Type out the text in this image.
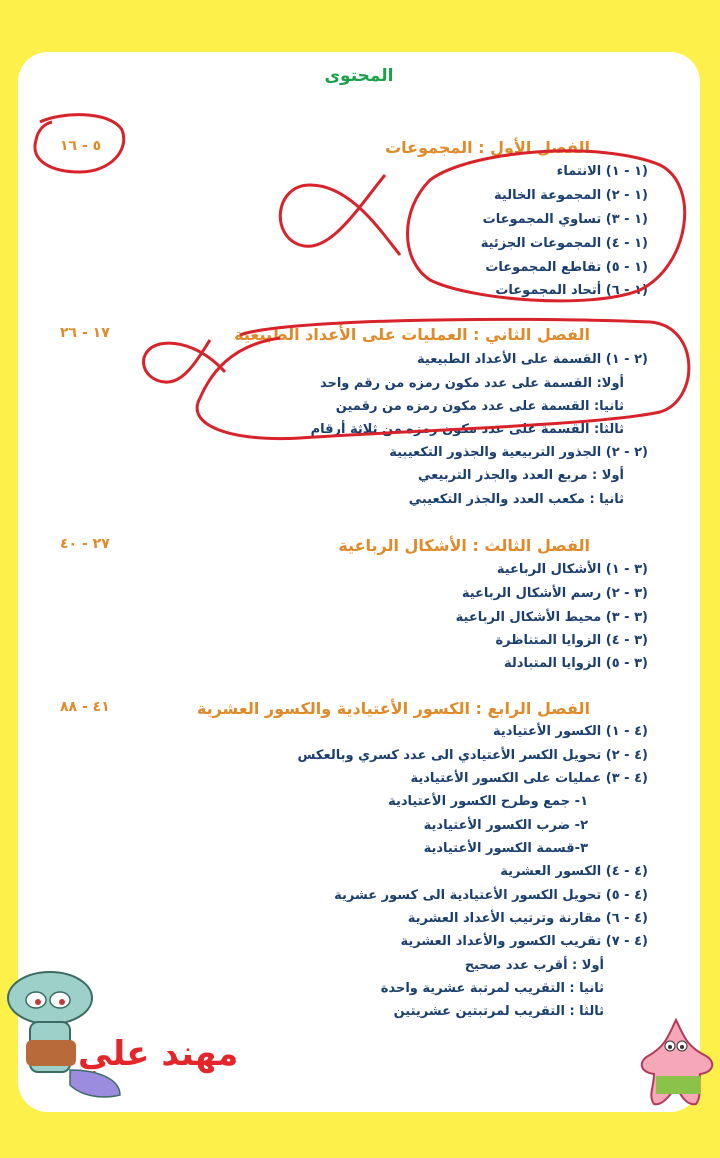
المحتوى
الفصل الأول : المجموعات
٥ - ١٦
(١ - ١) الانتماء
(١ - ٢) المجموعة الخالية
(١ - ٣) تساوي المجموعات
(١ - ٤) المجموعات الجزئية
(١ - ٥) تقاطع المجموعات
(١ - ٦) أتحاد المجموعات
الفصل الثاني : العمليات على الأعداد الطبيعية
١٧ - ٢٦
(٢ - ١) القسمة على الأعداد الطبيعية
أولا: القسمة على عدد مكون رمزه من رقم واحد
ثانيا: القسمة على عدد مكون رمزه من رقمين
ثالثا: القسمة على عدد مكون رمزه من ثلاثة أرقام
(٢ - ٢) الجذور التربيعية والجذور التكعيبية
أولا : مربع العدد والجذر التربيعي
ثانيا : مكعب العدد والجذر التكعيبي
الفصل الثالث : الأشكال الرباعية
٢٧ - ٤٠
(٣ - ١) الأشكال الرباعية
(٣ - ٢) رسم الأشكال الرباعية
(٣ - ٣) محيط الأشكال الرباعية
(٣ - ٤) الزوايا المتناظرة
(٣ - ٥) الزوايا المتبادلة
الفصل الرابع : الكسور الأعتيادية والكسور العشرية
٤١ - ٨٨
(٤ - ١) الكسور الأعتيادية
(٤ - ٢) تحويل الكسر الأعتيادي الى عدد كسري وبالعكس
(٤ - ٣) عمليات على الكسور الأعتيادية
١- جمع وطرح الكسور الأعتيادية
٢- ضرب الكسور الأعتيادية
٣-قسمة الكسور الأعتيادية
(٤ - ٤) الكسور العشرية
(٤ - ٥) تحويل الكسور الأعتيادية الى كسور عشرية
(٤ - ٦) مقارنة وترتيب الأعداد العشرية
(٤ - ٧) تقريب الكسور والأعداد العشرية
أولا : أقرب عدد صحيح
ثانيا : التقريب لمرتبة عشرية واحدة
ثالثا : التقريب لمرتبتين عشريتين
مهند علي
